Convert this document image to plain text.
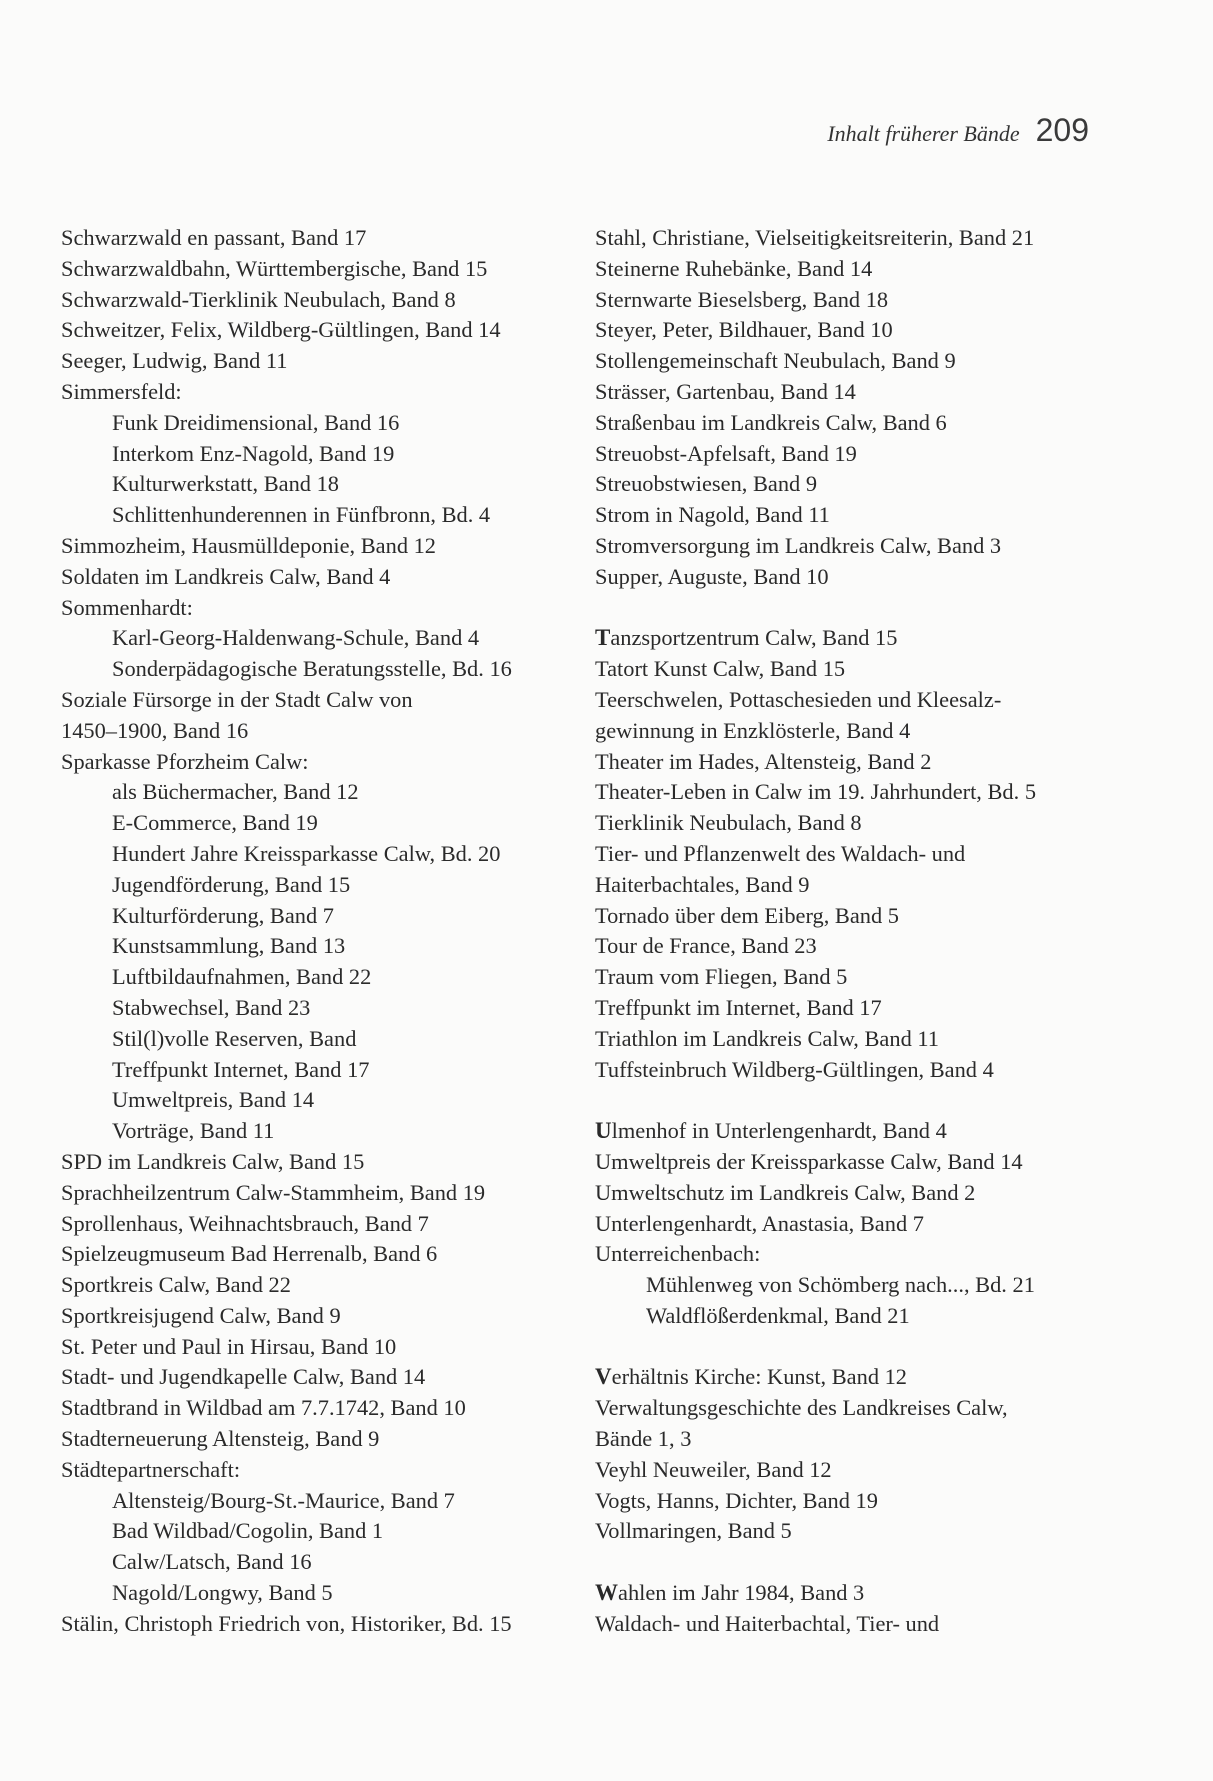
Inhalt früherer Bände 209
Schwarzwald en passant, Band 17
Schwarzwaldbahn, Württembergische, Band 15
Schwarzwald-Tierklinik Neubulach, Band 8
Schweitzer, Felix, Wildberg-Gültlingen, Band 14
Seeger, Ludwig, Band 11
Simmersfeld:
Funk Dreidimensional, Band 16
Interkom Enz-Nagold, Band 19
Kulturwerkstatt, Band 18
Schlittenhunderennen in Fünfbronn, Bd. 4
Simmozheim, Hausmülldeponie, Band 12
Soldaten im Landkreis Calw, Band 4
Sommenhardt:
Karl-Georg-Haldenwang-Schule, Band 4
Sonderpädagogische Beratungsstelle, Bd. 16
Soziale Fürsorge in der Stadt Calw von
1450–1900, Band 16
Sparkasse Pforzheim Calw:
als Büchermacher, Band 12
E-Commerce, Band 19
Hundert Jahre Kreissparkasse Calw, Bd. 20
Jugendförderung, Band 15
Kulturförderung, Band 7
Kunstsammlung, Band 13
Luftbildaufnahmen, Band 22
Stabwechsel, Band 23
Stil(l)volle Reserven, Band
Treffpunkt Internet, Band 17
Umweltpreis, Band 14
Vorträge, Band 11
SPD im Landkreis Calw, Band 15
Sprachheilzentrum Calw-Stammheim, Band 19
Sprollenhaus, Weihnachtsbrauch, Band 7
Spielzeugmuseum Bad Herrenalb, Band 6
Sportkreis Calw, Band 22
Sportkreisjugend Calw, Band 9
St. Peter und Paul in Hirsau, Band 10
Stadt- und Jugendkapelle Calw, Band 14
Stadtbrand in Wildbad am 7.7.1742, Band 10
Stadterneuerung Altensteig, Band 9
Städtepartnerschaft:
Altensteig/Bourg-St.-Maurice, Band 7
Bad Wildbad/Cogolin, Band 1
Calw/Latsch, Band 16
Nagold/Longwy, Band 5
Stälin, Christoph Friedrich von, Historiker, Bd. 15
Stahl, Christiane, Vielseitigkeitsreiterin, Band 21
Steinerne Ruhebänke, Band 14
Sternwarte Bieselsberg, Band 18
Steyer, Peter, Bildhauer, Band 10
Stollengemeinschaft Neubulach, Band 9
Strässer, Gartenbau, Band 14
Straßenbau im Landkreis Calw, Band 6
Streuobst-Apfelsaft, Band 19
Streuobstwiesen, Band 9
Strom in Nagold, Band 11
Stromversorgung im Landkreis Calw, Band 3
Supper, Auguste, Band 10
Tanzsportzentrum Calw, Band 15
Tatort Kunst Calw, Band 15
Teerschwelen, Pottaschesieden und Kleesalz-
gewinnung in Enzklösterle, Band 4
Theater im Hades, Altensteig, Band 2
Theater-Leben in Calw im 19. Jahrhundert, Bd. 5
Tierklinik Neubulach, Band 8
Tier- und Pflanzenwelt des Waldach- und
Haiterbachtales, Band 9
Tornado über dem Eiberg, Band 5
Tour de France, Band 23
Traum vom Fliegen, Band 5
Treffpunkt im Internet, Band 17
Triathlon im Landkreis Calw, Band 11
Tuffsteinbruch Wildberg-Gültlingen, Band 4
Ulmenhof in Unterlengenhardt, Band 4
Umweltpreis der Kreissparkasse Calw, Band 14
Umweltschutz im Landkreis Calw, Band 2
Unterlengenhardt, Anastasia, Band 7
Unterreichenbach:
Mühlenweg von Schömberg nach..., Bd. 21
Waldflößerdenkmal, Band 21
Verhältnis Kirche: Kunst, Band 12
Verwaltungsgeschichte des Landkreises Calw,
Bände 1, 3
Veyhl Neuweiler, Band 12
Vogts, Hanns, Dichter, Band 19
Vollmaringen, Band 5
Wahlen im Jahr 1984, Band 3
Waldach- und Haiterbachtal, Tier- und
